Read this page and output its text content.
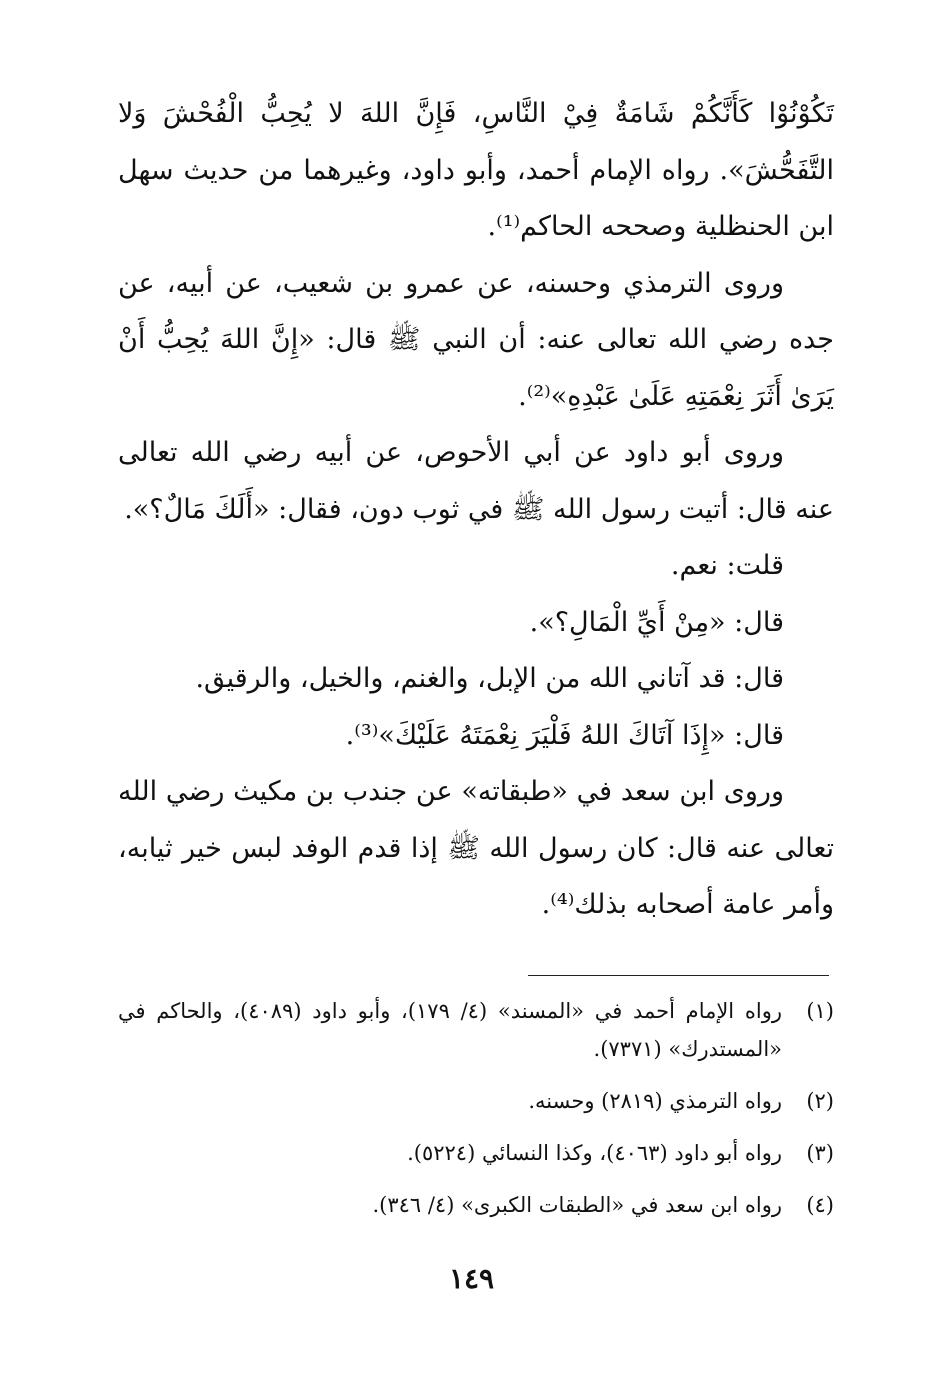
تَكُوْنُوْا كَأَنَّكُمْ شَامَةٌ فِيْ النَّاسِ، فَإِنَّ اللهَ لا يُحِبُّ الْفُحْشَ وَلا التَّفَحُّشَ». رواه الإمام أحمد، وأبو داود، وغيرهما من حديث سهل ابن الحنظلية وصححه الحاكم⁽¹⁾.

وروى الترمذي وحسنه، عن عمرو بن شعيب، عن أبيه، عن جده رضي الله تعالى عنه: أن النبي ﷺ قال: «إِنَّ اللهَ يُحِبُّ أَنْ يَرَىٰ أَثَرَ نِعْمَتِهِ عَلَىٰ عَبْدِهِ»⁽²⁾.

وروى أبو داود عن أبي الأحوص، عن أبيه رضي الله تعالى عنه قال: أتيت رسول الله ﷺ في ثوب دون، فقال: «أَلَكَ مَالٌ؟».

قلت: نعم.

قال: «مِنْ أَيِّ الْمَالِ؟».

قال: قد آتاني الله من الإبل، والغنم، والخيل، والرقيق.

قال: «إِذَا آتَاكَ اللهُ فَلْيَرَ نِعْمَتَهُ عَلَيْكَ»⁽³⁾.

وروى ابن سعد في «طبقاته» عن جندب بن مكيث رضي الله تعالى عنه قال: كان رسول الله ﷺ إذا قدم الوفد لبس خير ثيابه، وأمر عامة أصحابه بذلك⁽⁴⁾.

(١)
رواه الإمام أحمد في «المسند» (٤/ ١٧٩)، وأبو داود (٤٠٨٩)، والحاكم في «المستدرك» (٧٣٧١).
(٢)
رواه الترمذي (٢٨١٩) وحسنه.
(٣)
رواه أبو داود (٤٠٦٣)، وكذا النسائي (٥٢٢٤).
(٤)
رواه ابن سعد في «الطبقات الكبرى» (٤/ ٣٤٦).
١٤٩
